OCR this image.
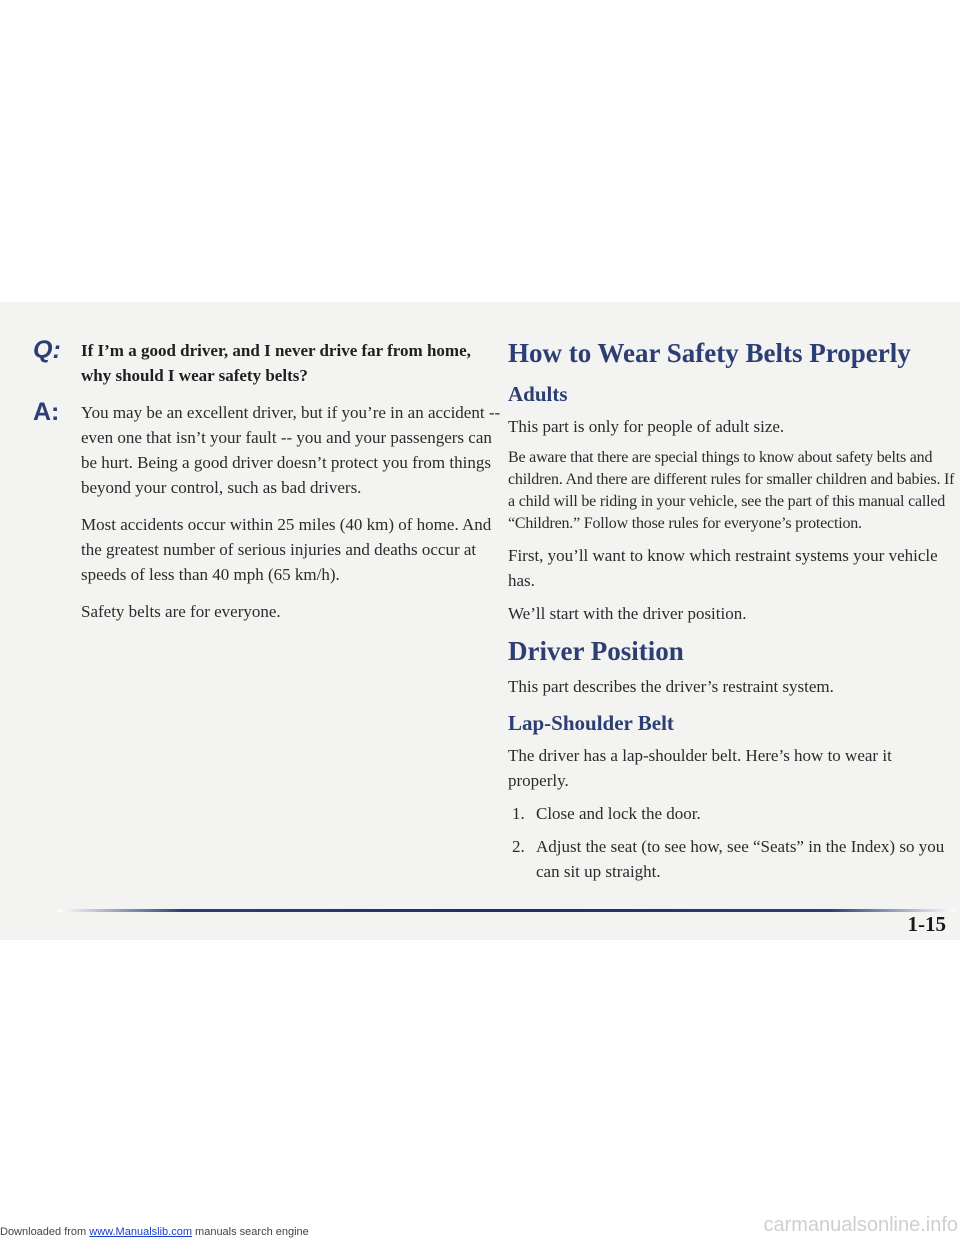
Q: If I’m a good driver, and I never drive far from home, why should I wear safety belts?

A: You may be an excellent driver, but if you’re in an accident -- even one that isn’t your fault -- you and your passengers can be hurt. Being a good driver doesn’t protect you from things beyond your control, such as bad drivers.

Most accidents occur within 25 miles (40 km) of home. And the greatest number of serious injuries and deaths occur at speeds of less than 40 mph (65 km/h).

Safety belts are for everyone.

How to Wear Safety Belts Properly
Adults

This part is only for people of adult size.

Be aware that there are special things to know about safety belts and children. And there are different rules for smaller children and babies. If a child will be riding in your vehicle, see the part of this manual called “Children.” Follow those rules for everyone’s protection.

First, you’ll want to know which restraint systems your vehicle has.

We’ll start with the driver position.

Driver Position

This part describes the driver’s restraint system.

Lap-Shoulder Belt

The driver has a lap-shoulder belt. Here’s how to wear it properly.

1. Close and lock the door.
2. Adjust the seat (to see how, see “Seats” in the Index) so you can sit up straight.
1-15
Downloaded from www.Manualslib.com manuals search engine	carmanualsonline.info
